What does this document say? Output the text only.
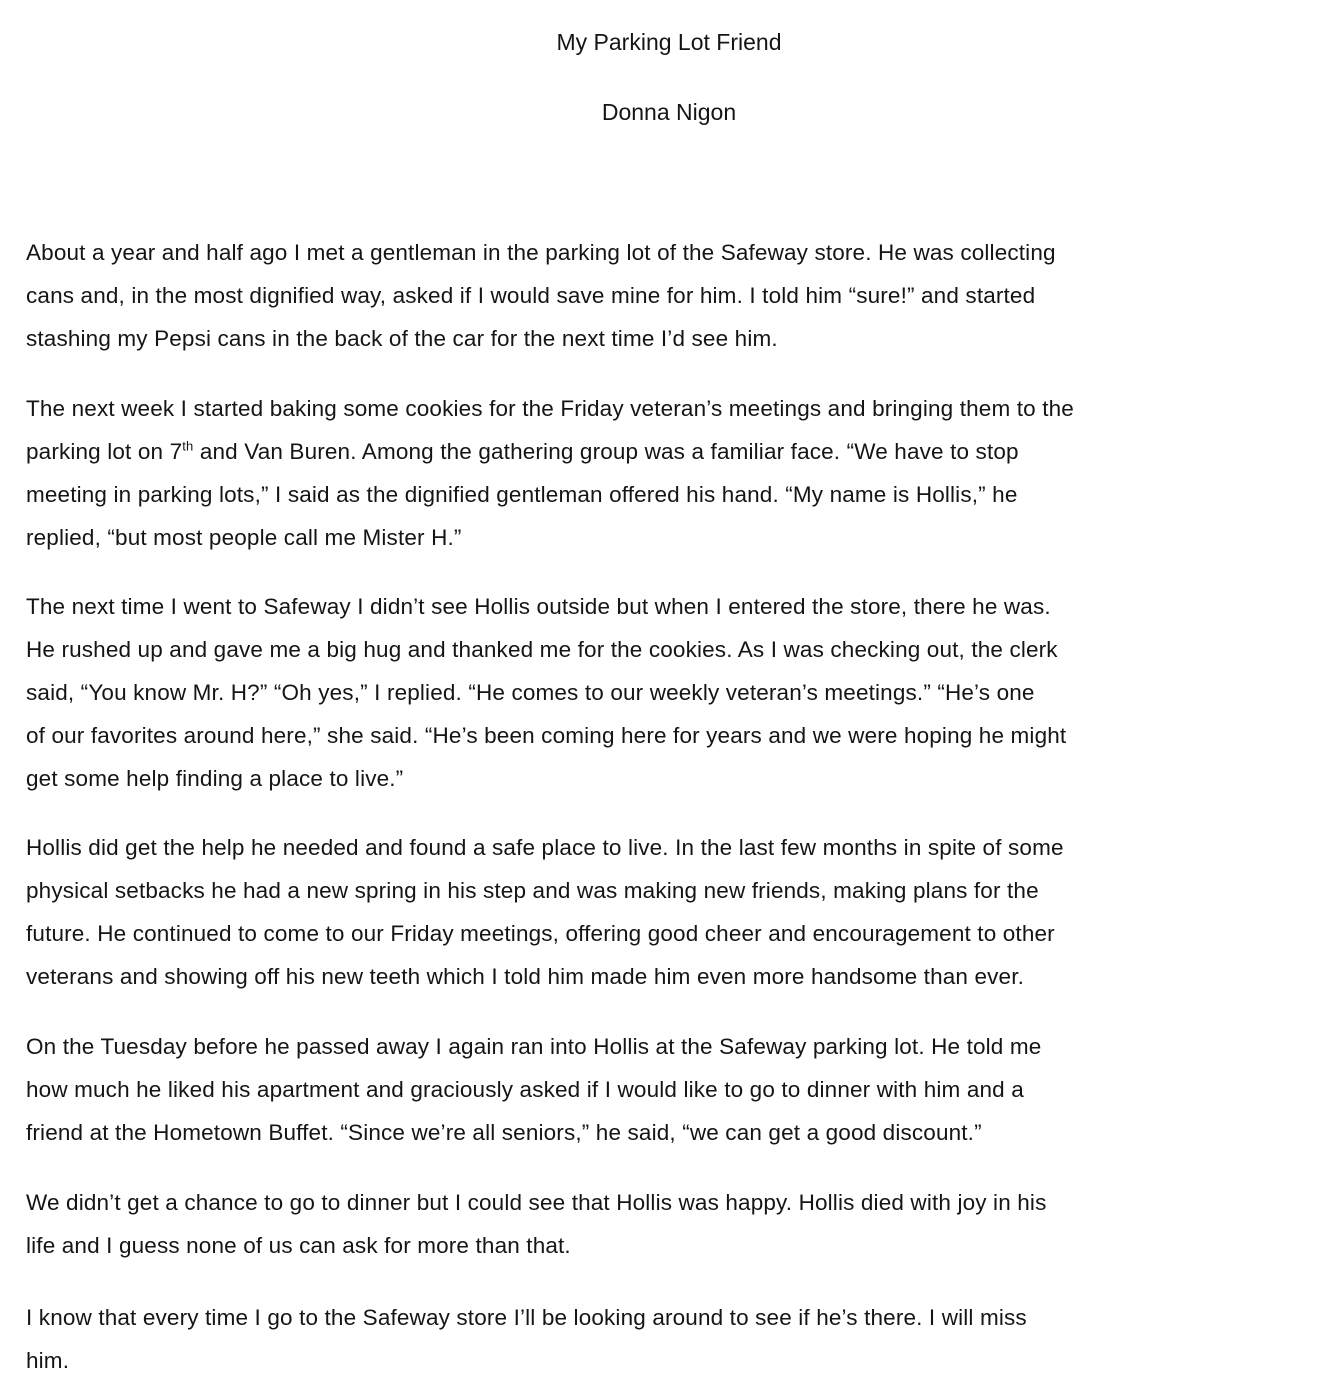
My Parking Lot Friend
Donna Nigon

About a year and half ago I met a gentleman in the parking lot of the Safeway store. He was collecting
cans and, in the most dignified way, asked if I would save mine for him. I told him “sure!” and started
stashing my Pepsi cans in the back of the car for the next time I’d see him.

The next week I started baking some cookies for the Friday veteran’s meetings and bringing them to the
parking lot on 7th and Van Buren. Among the gathering group was a familiar face. “We have to stop
meeting in parking lots,” I said as the dignified gentleman offered his hand. “My name is Hollis,” he
replied, “but most people call me Mister H.”

The next time I went to Safeway I didn’t see Hollis outside but when I entered the store, there he was.
He rushed up and gave me a big hug and thanked me for the cookies. As I was checking out, the clerk
said, “You know Mr. H?” “Oh yes,” I replied. “He comes to our weekly veteran’s meetings.” “He’s one
of our favorites around here,” she said. “He’s been coming here for years and we were hoping he might
get some help finding a place to live.”

Hollis did get the help he needed and found a safe place to live. In the last few months in spite of some
physical setbacks he had a new spring in his step and was making new friends, making plans for the
future. He continued to come to our Friday meetings, offering good cheer and encouragement to other
veterans and showing off his new teeth which I told him made him even more handsome than ever.

On the Tuesday before he passed away I again ran into Hollis at the Safeway parking lot. He told me
how much he liked his apartment and graciously asked if I would like to go to dinner with him and a
friend at the Hometown Buffet. “Since we’re all seniors,” he said, “we can get a good discount.”

We didn’t get a chance to go to dinner but I could see that Hollis was happy. Hollis died with joy in his
life and I guess none of us can ask for more than that.

I know that every time I go to the Safeway store I’ll be looking around to see if he’s there. I will miss
him.
